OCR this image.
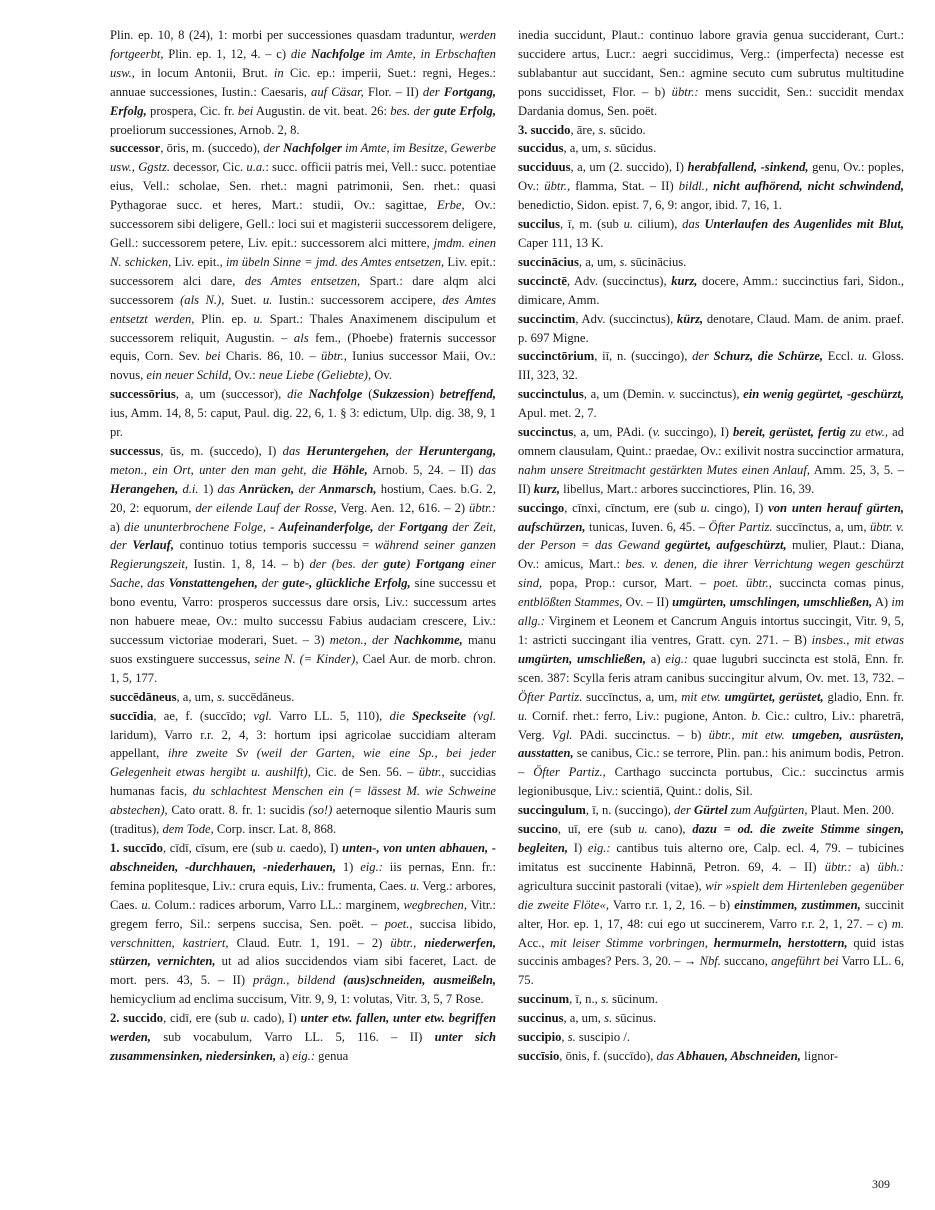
Plin. ep. 10, 8 (24), 1: morbi per successiones quasdam traduntur, werden fortgeerbt, Plin. ep. 1, 12, 4. – c) die Nachfolge im Amte, in Erbschaften usw., in locum Antonii, Brut. in Cic. ep.: imperii, Suet.: regni, Heges.: annuae successiones, Iustin.: Caesaris, auf Cäsar, Flor. – II) der Fortgang, Erfolg, prospera, Cic. fr. bei Augustin. de vit. beat. 26: bes. der gute Erfolg, proeliorum successiones, Arnob. 2, 8.

successor, ōris, m. (succedo), der Nachfolger im Amte, im Besitze, Gewerbe usw., Ggstz. decessor, Cic. u.a.: succ. officii patris mei, Vell.: succ. potentiae eius, Vell.: scholae, Sen. rhet.: magni patrimonii, Sen. rhet.: quasi Pythagorae succ. et heres, Mart.: studii, Ov.: sagittae, Erbe, Ov.: successorem sibi deligere, Gell.: loci sui et magisterii successorem deligere, Gell.: successorem petere, Liv. epit.: successorem alci mittere, jmdm. einen N. schicken, Liv. epit., im übeln Sinne = jmd. des Amtes entsetzen, Liv. epit.: successorem alci dare, des Amtes entsetzen, Spart.: dare alqm alci successorem (als N.), Suet. u. Iustin.: successorem accipere, des Amtes entsetzt werden, Plin. ep. u. Spart.: Thales Anaximenem discipulum et successorem reliquit, Augustin. – als fem., (Phoebe) fraternis successor equis, Corn. Sev. bei Charis. 86, 10. – übtr., Iunius successor Maii, Ov.: novus, ein neuer Schild, Ov.: neue Liebe (Geliebte), Ov.

successōrius, a, um (successor), die Nachfolge (Sukzession) betreffend, ius, Amm. 14, 8, 5: caput, Paul. dig. 22, 6, 1. § 3: edictum, Ulp. dig. 38, 9, 1 pr.

successus, ūs, m. (succedo), I) das Heruntergehen, der Heruntergang, meton., ein Ort, unter den man geht, die Höhle, Arnob. 5, 24. – II) das Herangehen, d.i. 1) das Anrücken, der Anmarsch, hostium, Caes. b.G. 2, 20, 2: equorum, der eilende Lauf der Rosse, Verg. Aen. 12, 616. – 2) übtr.: a) die ununterbrochene Folge, - Aufeinanderfolge, der Fortgang der Zeit, der Verlauf, continuo totius temporis successu = während seiner ganzen Regierungszeit, Iustin. 1, 8, 14. – b) der (bes. der gute) Fortgang einer Sache, das Vonstattengehen, der gute-, glückliche Erfolg, sine successu et bono eventu, Varro: prosperos successus dare orsis, Liv.: successum artes non habuere meae, Ov.: multo successu Fabius audaciam crescere, Liv.: successum victoriae moderari, Suet. – 3) meton., der Nachkomme, manu suos exstinguere successus, seine N. (= Kinder), Cael Aur. de morb. chron. 1, 5, 177.

succēdāneus, a, um, s. succēdāneus.

succīdia, ae, f. (succīdo; vgl. Varro LL. 5, 110), die Speckseite (vgl. laridum), Varro r.r. 2, 4, 3: hortum ipsi agricolae succidiam alteram appellant, ihre zweite Sv (weil der Garten, wie eine Sp., bei jeder Gelegenheit etwas hergibt u. aushilft), Cic. de Sen. 56. – übtr., succidias humanas facis, du schlachtest Menschen ein (= lässest M. wie Schweine abstechen), Cato oratt. 8. fr. 1: sucidis (so!) aeternoque silentio Mauris sum (traditus), dem Tode, Corp. inscr. Lat. 8, 868.

1. succīdo, cīdī, cīsum, ere (sub u. caedo), I) unten-, von unten abhauen, -abschneiden, -durchhauen, -niederhauen, 1) eig.: iis pernas, Enn. fr.: femina poplitesque, Liv.: crura equis, Liv.: frumenta, Caes. u. Verg.: arbores, Caes. u. Colum.: radices arborum, Varro LL.: marginem, wegbrechen, Vitr.: gregem ferro, Sil.: serpens succisa, Sen. poët. – poet., succisa libido, verschnitten, kastriert, Claud. Eutr. 1, 191. – 2) übtr., niederwerfen, stürzen, vernichten, ut ad alios succidendos viam sibi faceret, Lact. de mort. pers. 43, 5. – II) prägn., bildend (aus)schneiden, ausmeißeln, hemicyclium ad enclima succisum, Vitr. 9, 9, 1: volutas, Vitr. 3, 5, 7 Rose.

2. succido, cidī, ere (sub u. cado), I) unter etw. fallen, unter etw. begriffen werden, sub vocabulum, Varro LL. 5, 116. – II) unter sich zusammensinken, niedersinken, a) eig.: genua

inedia succidunt, Plaut.: continuo labore gravia genua succiderant, Curt.: succidere artus, Lucr.: aegri succidimus, Verg.: (imperfecta) necesse est sublabantur aut succidant, Sen.: agmine secuto cum subrutus multitudine pons succidisset, Flor. – b) übtr.: mens succidit, Sen.: succidit mendax Dardania domus, Sen. poët.

3. succido, āre, s. sūcido.

succidus, a, um, s. sūcidus.

succiduus, a, um (2. succido), I) herabfallend, -sinkend, genu, Ov.: poples, Ov.: übtr., flamma, Stat. – II) bildl., nicht aufhörend, nicht schwindend, benedictio, Sidon. epist. 7, 6, 9: angor, ibid. 7, 16, 1.

succilus, ī, m. (sub u. cilium), das Unterlaufen des Augenlides mit Blut, Caper 111, 13 K.

succinācius, a, um, s. sūcinācius.

succinctē, Adv. (succinctus), kurz, docere, Amm.: succinctius fari, Sidon., dimicare, Amm.

succinctim, Adv. (succinctus), kürz, denotare, Claud. Mam. de anim. praef. p. 697 Migne.

succinctōrium, iī, n. (succingo), der Schurz, die Schürze, Eccl. u. Gloss. III, 323, 32.

succinctulus, a, um (Demin. v. succinctus), ein wenig gegürtet, -geschürzt, Apul. met. 2, 7.

succinctus, a, um, PAdi. (v. succingo), I) bereit, gerüstet, fertig zu etw., ad omnem clausulam, Quint.: praedae, Ov.: exilivit nostra succinctior armatura, nahm unsere Streitmacht gestärkten Mutes einen Anlauf, Amm. 25, 3, 5. – II) kurz, libellus, Mart.: arbores succinctiores, Plin. 16, 39.

succingo, cīnxi, cīnctum, ere (sub u. cingo), I) von unten herauf gürten, aufschürzen, tunicas, Iuven. 6, 45. – Öfter Partiz. succīnctus, a, um, übtr. v. der Person = das Gewand gegürtet, aufgeschürzt, mulier, Plaut.: Diana, Ov.: amicus, Mart.: bes. v. denen, die ihrer Verrichtung wegen geschürzt sind, popa, Prop.: cursor, Mart. – poet. übtr., succincta comas pinus, entblößten Stammes, Ov. – II) umgürten, umschlingen, umschließen, A) im allg.: Virginem et Leonem et Cancrum Anguis intortus succingit, Vitr. 9, 5, 1: astricti succingant ilia ventres, Gratt. cyn. 271. – B) insbes., mit etwas umgürten, umschließen, a) eig.: quae lugubri succincta est stolā, Enn. fr. scen. 387: Scylla feris atram canibus succingitur alvum, Ov. met. 13, 732. – Öfter Partiz. succīnctus, a, um, mit etw. umgürtet, gerüstet, gladio, Enn. fr. u. Cornif. rhet.: ferro, Liv.: pugione, Anton. b. Cic.: cultro, Liv.: pharetrā, Verg. Vgl. PAdi. succinctus. – b) übtr., mit etw. umgeben, ausrüsten, ausstatten, se canibus, Cic.: se terrore, Plin. pan.: his animum bodis, Petron. – Öfter Partiz., Carthago succincta portubus, Cic.: succinctus armis legionibusque, Liv.: scientiā, Quint.: dolis, Sil.

succingulum, ī, n. (succingo), der Gürtel zum Aufgürten, Plaut. Men. 200.

succino, uī, ere (sub u. cano), dazu = od. die zweite Stimme singen, begleiten, I) eig.: cantibus tuis alterno ore, Calp. ecl. 4, 79. – tubicines imitatus est succinente Habinnā, Petron. 69, 4. – II) übtr.: a) übh.: agricultura succinit pastorali (vitae), wir »spielt dem Hirtenleben gegenüber die zweite Flöte«, Varro r.r. 1, 2, 16. – b) einstimmen, zustimmen, succinit alter, Hor. ep. 1, 17, 48: cui ego ut succinerem, Varro r.r. 2, 1, 27. – c) m. Acc., mit leiser Stimme vorbringen, hermurmeln, herstottern, quid istas succinis ambages? Pers. 3, 20. – → Nbf. succano, angeführt bei Varro LL. 6, 75.

succinum, ī, n., s. sūcinum.

succinus, a, um, s. sūcinus.

succipio, s. suscipio /.

succīsio, ōnis, f. (succīdo), das Abhauen, Abschneiden, lignor-

309
